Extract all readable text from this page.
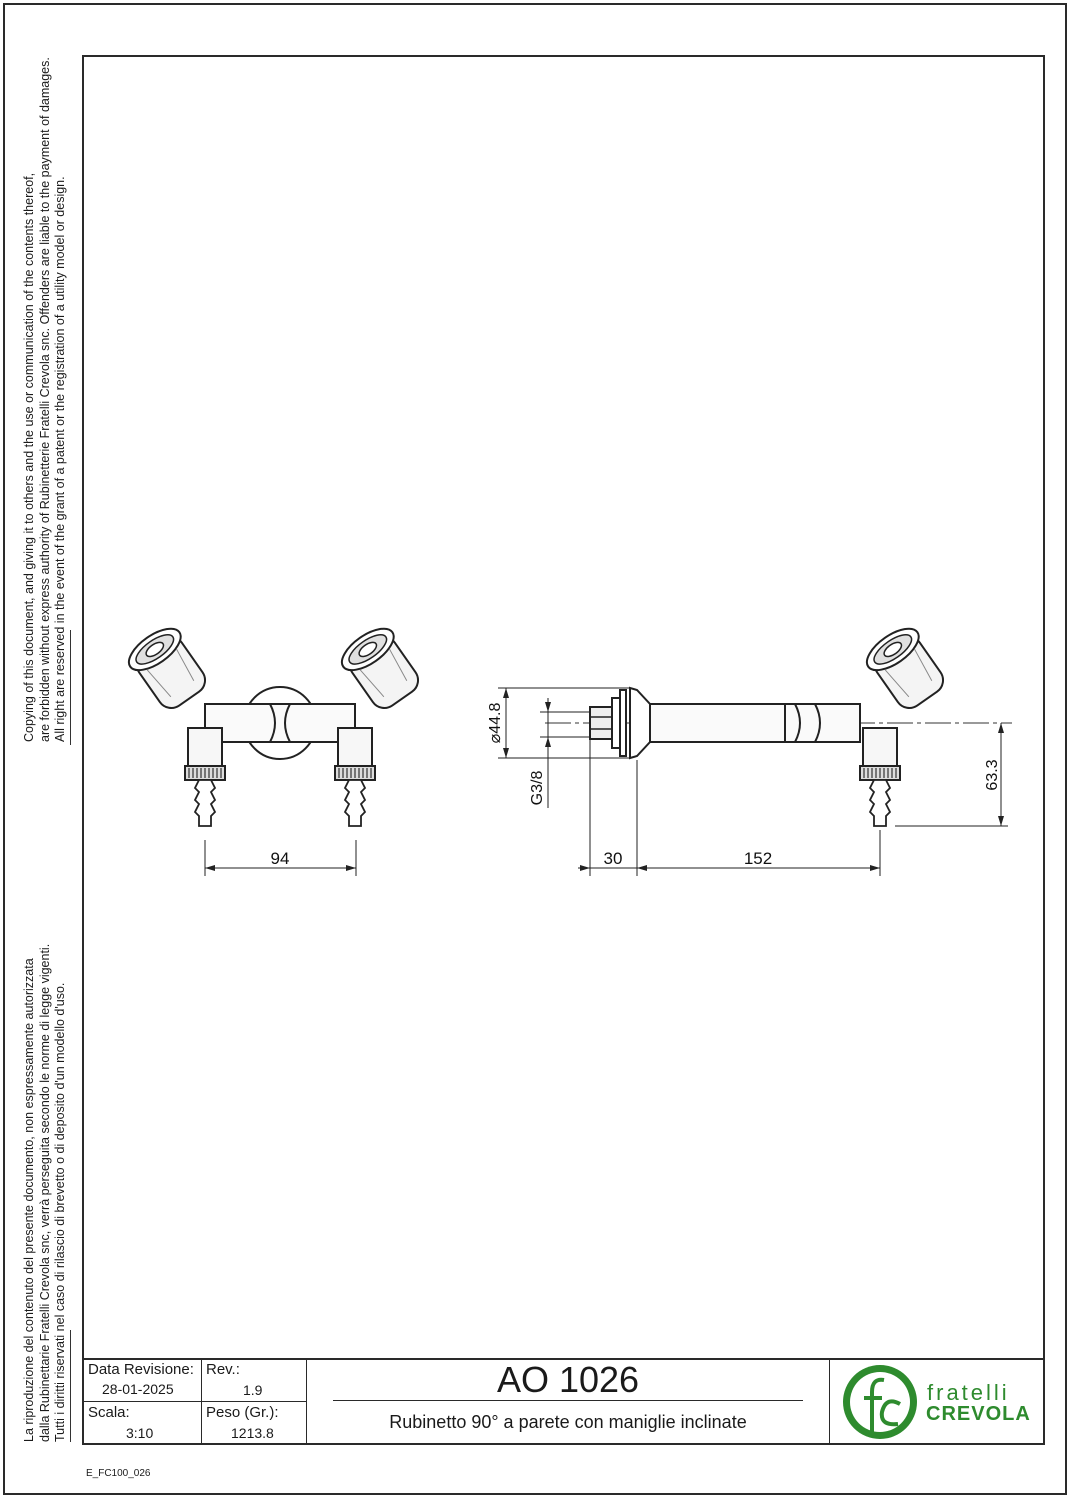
Copying of this document, and giving it to others and the use or communication of the contents thereof, are forbidden without express authority of Rubinetterie Fratelli Crevola snc. Offenders are liable to the payment of damages. All right are reserved in the event of the grant of a patent or the registration of a utility model or design.
La riproduzione del contenuto del presente documento, non espressamente autorizzata dalla Rubinettarie Fratelli Crevola snc, verrà perseguita secondo le norme di legge vigenti. Tutti i diritti riservati nel caso di rilascio di brevetto o di deposito d'un modello d'uso.
94
⌀44.8
G3/8
30	152
63.3
Data Revisione:
28-01-2025
Rev.:
1.9
Scala:
3:10
Peso (Gr.):
1213.8
AO 1026
Rubinetto 90° a parete con maniglie inclinate
fratelli
CREVOLA
E_FC100_026
